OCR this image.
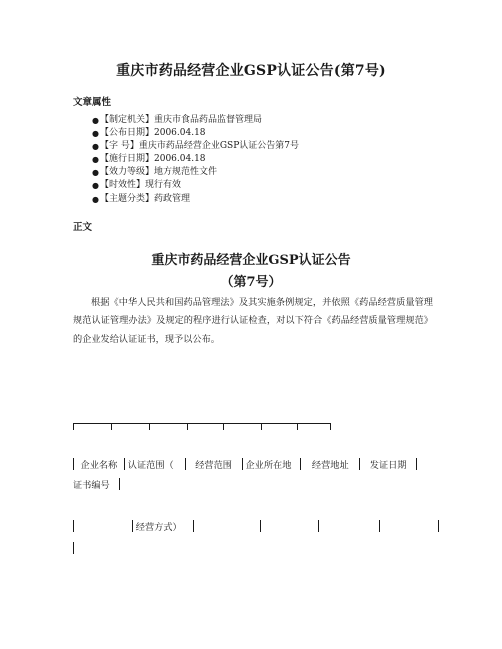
重庆市药品经营企业GSP认证公告(第7号)
文章属性
● 【制定机关】重庆市食品药品监督管理局
● 【公布日期】2006.04.18
● 【字 号】重庆市药品经营企业GSP认证公告第7号
● 【施行日期】2006.04.18
● 【效力等级】地方规范性文件
● 【时效性】现行有效
● 【主题分类】药政管理
正文
重庆市药品经营企业GSP认证公告
（第7号）

根据《中华人民共和国药品管理法》及其实施条例规定，并依照《药品经营质量管理规范认证管理办法》及规定的程序进行认证检查，对以下符合《药品经营质量管理规范》的企业发给认证证书，现予以公布。

企业名称 认证范围（ 经营范围 企业所在地 经营地址 发证日期
证书编号
经营方式）
